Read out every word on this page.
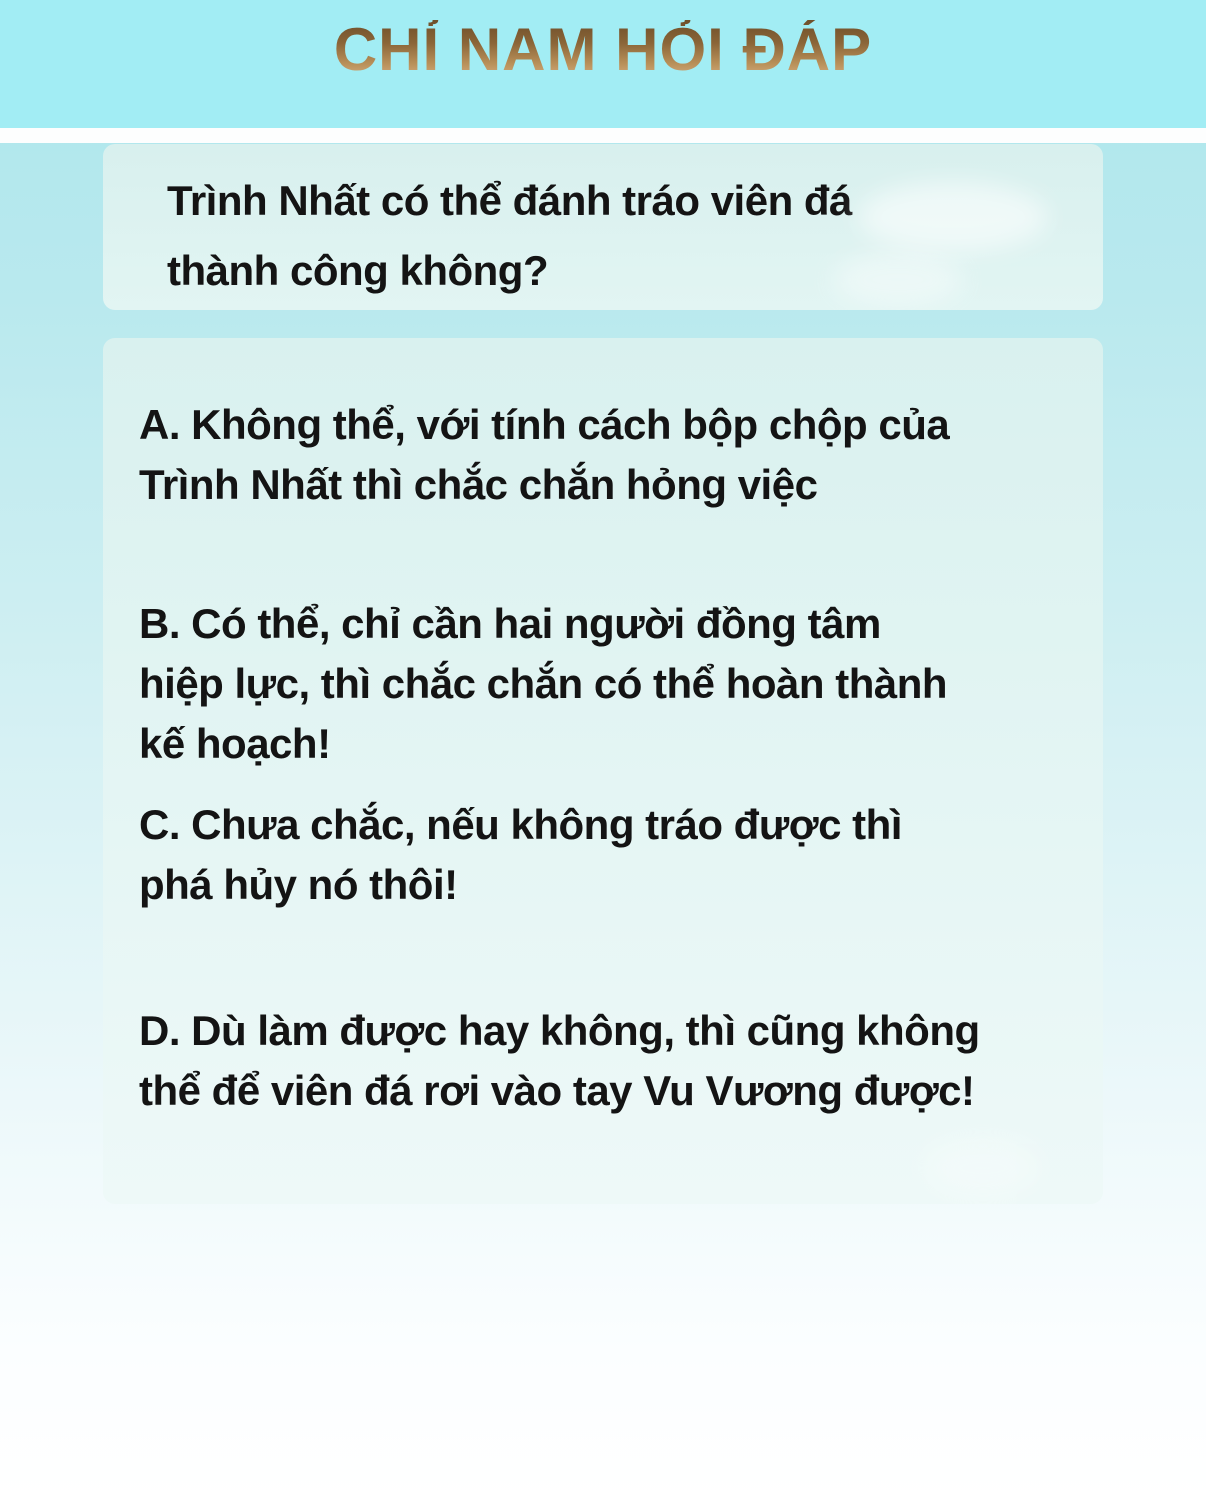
CHỈ NAM HỎI ĐÁP
Trình Nhất có thể đánh tráo viên đá
thành công không?
A. Không thể, với tính cách bộp chộp của
Trình Nhất thì chắc chắn hỏng việc
B. Có thể, chỉ cần hai người đồng tâm
hiệp lực, thì chắc chắn có thể hoàn thành
kế hoạch!
C. Chưa chắc, nếu không tráo được thì
phá hủy nó thôi!
D. Dù làm được hay không, thì cũng không
thể để viên đá rơi vào tay Vu Vương được!
